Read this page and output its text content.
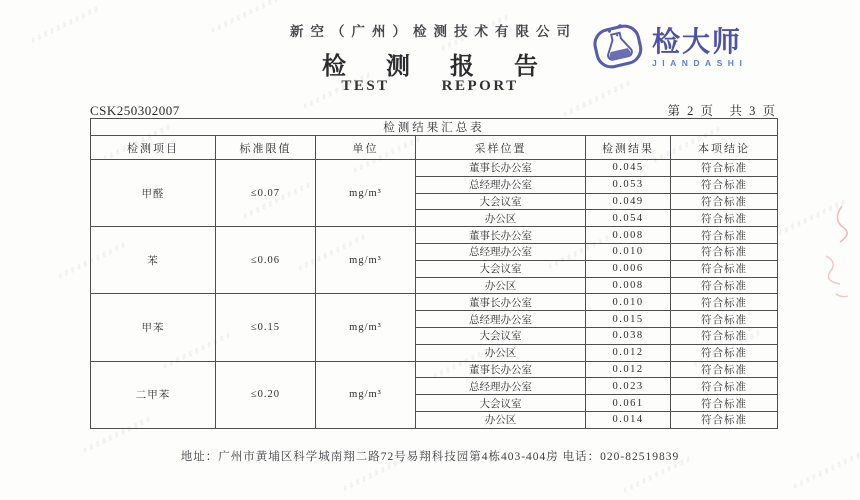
新空（广州）检测技术有限公司
检测报告
TEST REPORT
检大师
JIANDASHI
CSK250302007	第 2 页　共 3 页
检测结果汇总表					
检测项目	标准限值	单位	采样位置	检测结果	本项结论
甲醛	≤0.07	mg/m³	董事长办公室	0.045	符合标准
			总经理办公室	0.053	符合标准
			大会议室	0.049	符合标准
			办公区	0.054	符合标准
苯	≤0.06	mg/m³	董事长办公室	0.008	符合标准
			总经理办公室	0.010	符合标准
			大会议室	0.006	符合标准
			办公区	0.008	符合标准
甲苯	≤0.15	mg/m³	董事长办公室	0.010	符合标准
			总经理办公室	0.015	符合标准
			大会议室	0.038	符合标准
			办公区	0.012	符合标准
二甲苯	≤0.20	mg/m³	董事长办公室	0.012	符合标准
			总经理办公室	0.023	符合标准
			大会议室	0.061	符合标准
			办公区	0.014	符合标准
地址：广州市黄埔区科学城南翔二路72号易翔科技园第4栋403-404房 电话：020-82519839
